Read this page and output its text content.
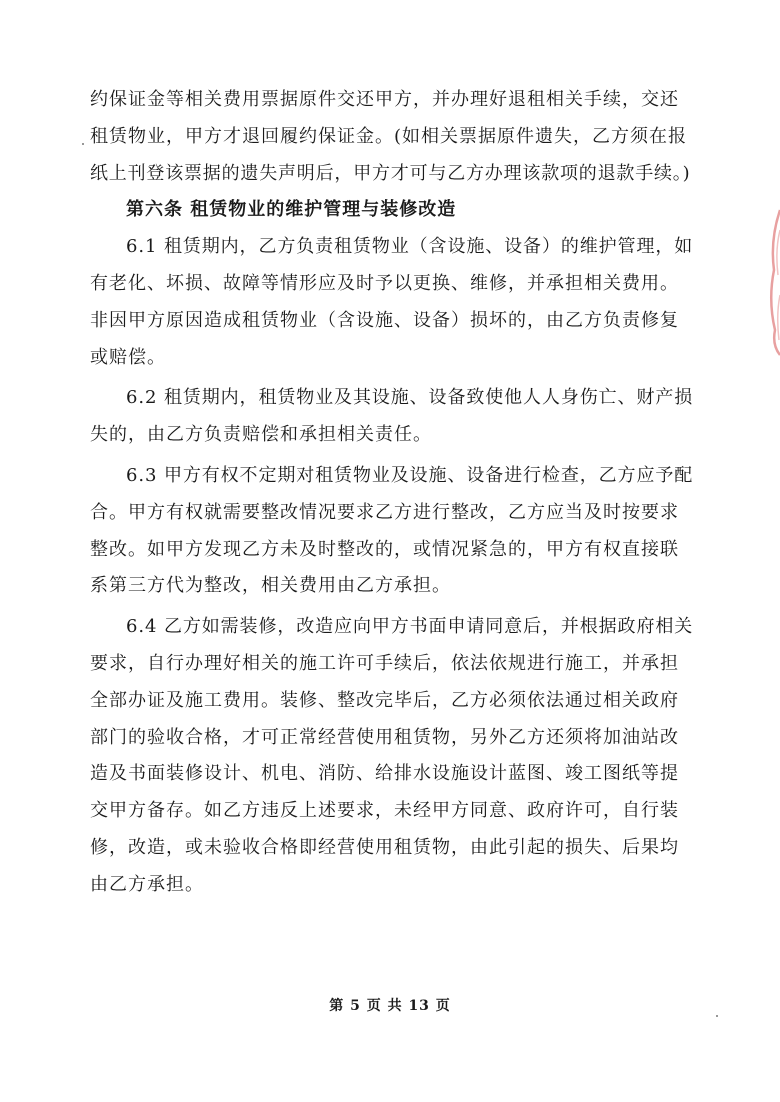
约保证金等相关费用票据原件交还甲方，并办理好退租相关手续，交还
租赁物业，甲方才退回履约保证金。(如相关票据原件遗失，乙方须在报
纸上刊登该票据的遗失声明后，甲方才可与乙方办理该款项的退款手续。)

第六条 租赁物业的维护管理与装修改造

6.1 租赁期内，乙方负责租赁物业（含设施、设备）的维护管理，如
有老化、坏损、故障等情形应及时予以更换、维修，并承担相关费用。
非因甲方原因造成租赁物业（含设施、设备）损坏的，由乙方负责修复
或赔偿。

6.2 租赁期内，租赁物业及其设施、设备致使他人人身伤亡、财产损
失的，由乙方负责赔偿和承担相关责任。

6.3 甲方有权不定期对租赁物业及设施、设备进行检查，乙方应予配
合。甲方有权就需要整改情况要求乙方进行整改，乙方应当及时按要求
整改。如甲方发现乙方未及时整改的，或情况紧急的，甲方有权直接联
系第三方代为整改，相关费用由乙方承担。

6.4 乙方如需装修，改造应向甲方书面申请同意后，并根据政府相关
要求，自行办理好相关的施工许可手续后，依法依规进行施工，并承担
全部办证及施工费用。装修、整改完毕后，乙方必须依法通过相关政府
部门的验收合格，才可正常经营使用租赁物，另外乙方还须将加油站改
造及书面装修设计、机电、消防、给排水设施设计蓝图、竣工图纸等提
交甲方备存。如乙方违反上述要求，未经甲方同意、政府许可，自行装
修，改造，或未验收合格即经营使用租赁物，由此引起的损失、后果均
由乙方承担。

第 5 页 共 13 页
